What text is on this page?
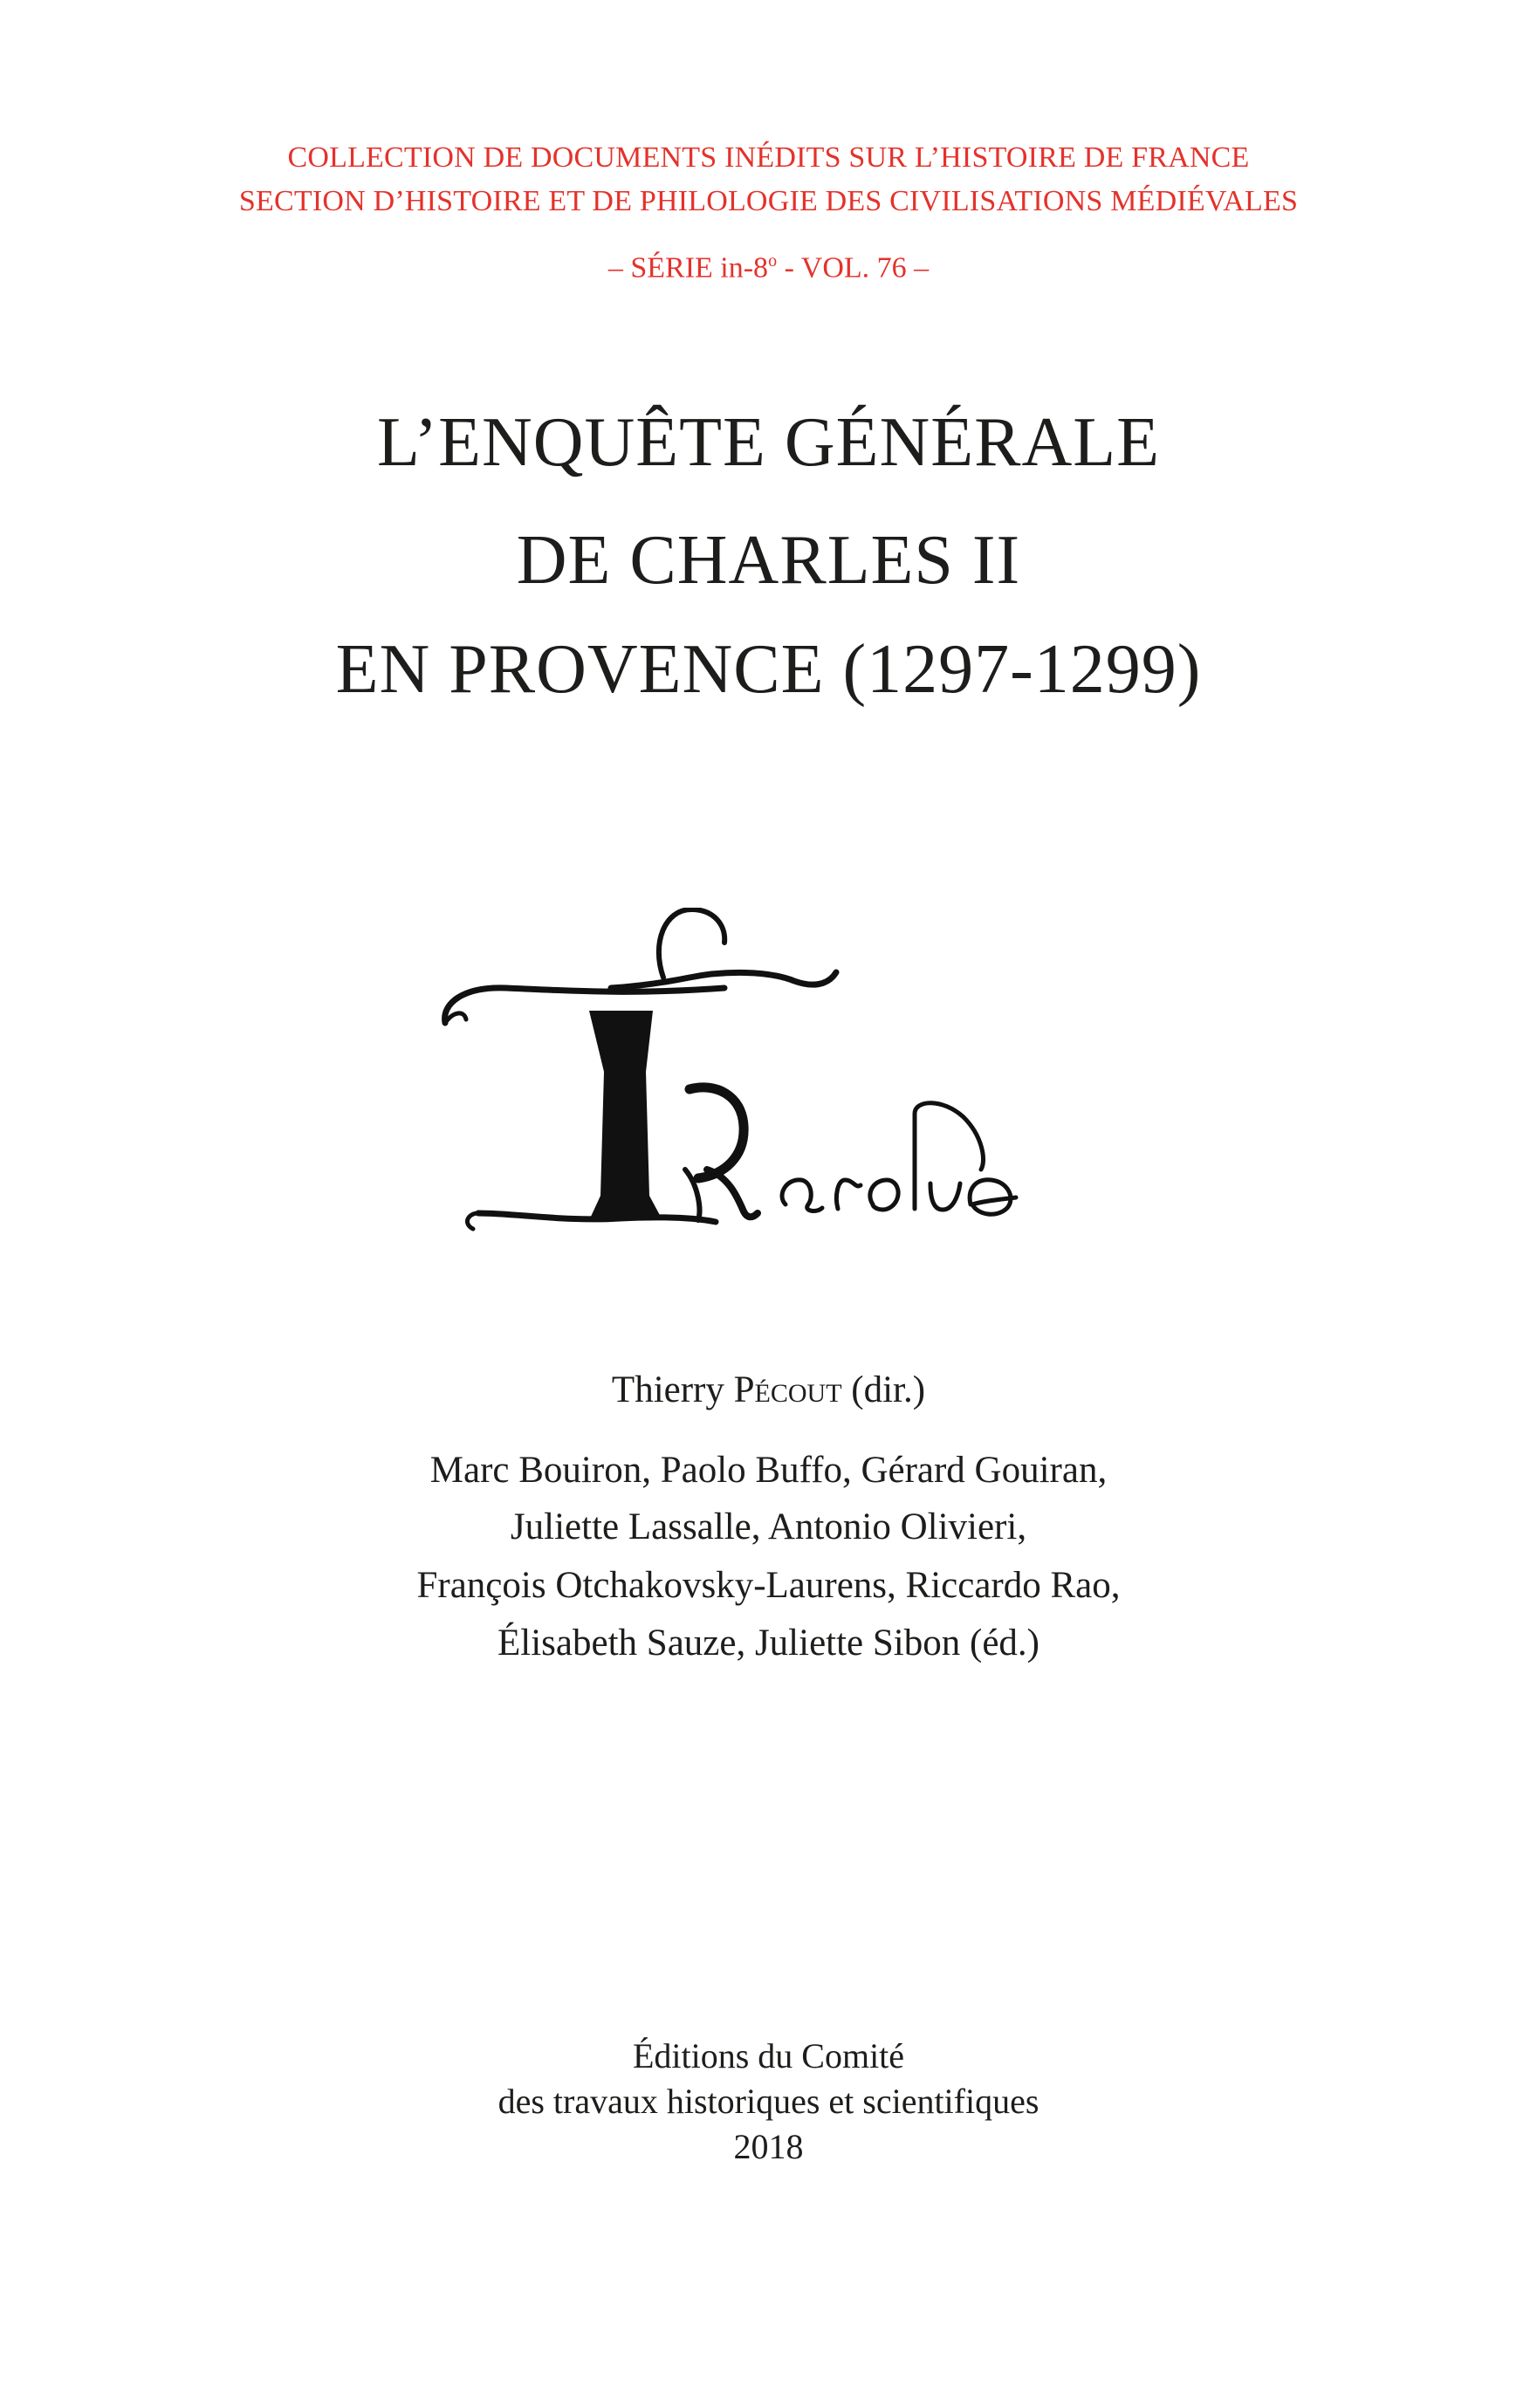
COLLECTION DE DOCUMENTS INÉDITS SUR L’HISTOIRE DE FRANCE
SECTION D’HISTOIRE ET DE PHILOLOGIE DES CIVILISATIONS MÉDIÉVALES
– SÉRIE in-8$^o$ - VOL. 76 –
L’ENQUÊTE GÉNÉRALE
DE CHARLES II
EN PROVENCE (1297-1299)
Thierry Pécout (dir.)
Marc Bouiron, Paolo Buffo, Gérard Gouiran,
Juliette Lassalle, Antonio Olivieri,
François Otchakovsky-Laurens, Riccardo Rao,
Élisabeth Sauze, Juliette Sibon (éd.)
Éditions du Comité
des travaux historiques et scientifiques
2018
